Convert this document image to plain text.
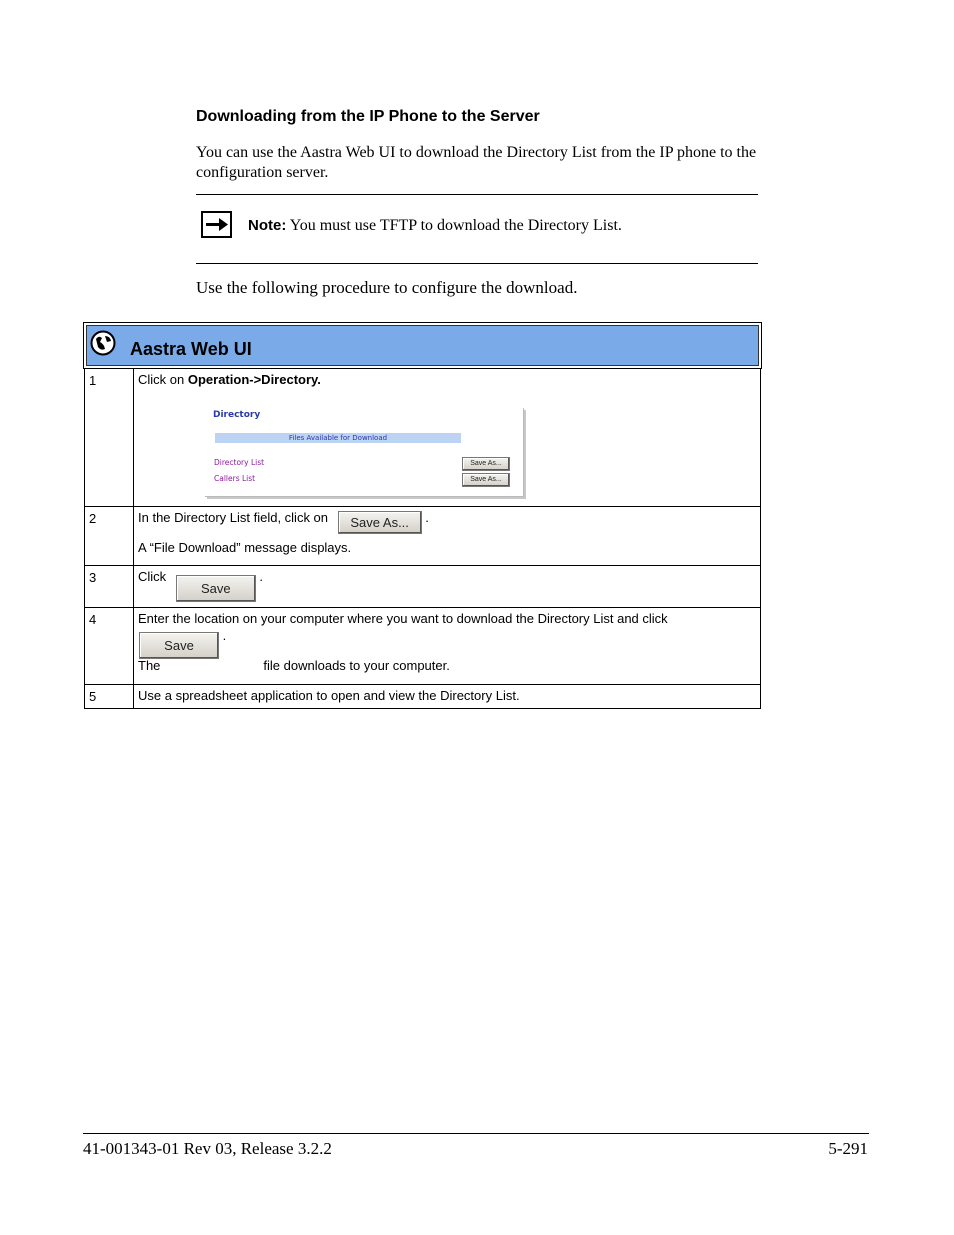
Downloading from the IP Phone to the Server
You can use the Aastra Web UI to download the Directory List from the IP phone to the configuration server.
Note: You must use TFTP to download the Directory List.
Use the following procedure to configure the download.
Aastra Web UI
1	Click on Operation->Directory.
2	In the Directory List field, click on Save As... .
A “File Download” message displays.

3	Click Save .
4	Enter the location on your computer where you want to download the Directory List and click
Save .
The file downloads to your computer.

5	Use a spreadsheet application to open and view the Directory List.
Directory
Files Available for Download
Directory List	Save As...
Callers List	Save As...
41-001343-01 Rev 03, Release 3.2.2	5-291
